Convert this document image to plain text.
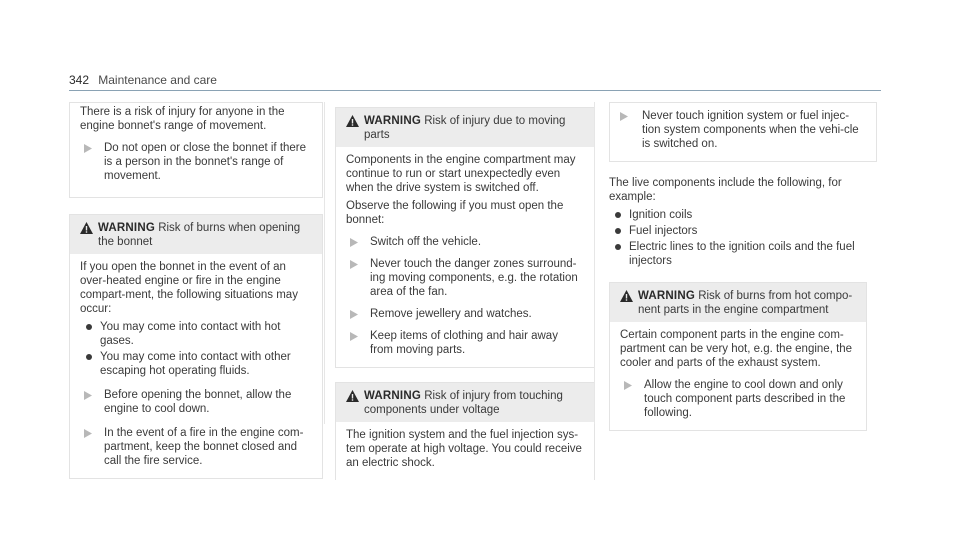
342 Maintenance and care

There is a risk of injury for anyone in the engine bonnet's range of movement.

Do not open or close the bonnet if there is a person in the bonnet's range of movement.
WARNING Risk of burns when opening the bonnet

If you open the bonnet in the event of an over-heated engine or fire in the engine compart-ment, the following situations may occur:

You may come into contact with hot gases.
You may come into contact with other escaping hot operating fluids.
Before opening the bonnet, allow the engine to cool down.
In the event of a fire in the engine com-partment, keep the bonnet closed and call the fire service.
WARNING Risk of injury due to moving parts

Components in the engine compartment may continue to run or start unexpectedly even when the drive system is switched off.

Observe the following if you must open the bonnet:

Switch off the vehicle.
Never touch the danger zones surround-ing moving components, e.g. the rotation area of the fan.
Remove jewellery and watches.
Keep items of clothing and hair away from moving parts.
WARNING Risk of injury from touching components under voltage

The ignition system and the fuel injection sys-tem operate at high voltage. You could receive an electric shock.

Never touch ignition system or fuel injec-tion system components when the vehi-cle is switched on.

The live components include the following, for example:

Ignition coils
Fuel injectors
Electric lines to the ignition coils and the fuel injectors
WARNING Risk of burns from hot compo-nent parts in the engine compartment

Certain component parts in the engine com-partment can be very hot, e.g. the engine, the cooler and parts of the exhaust system.

Allow the engine to cool down and only touch component parts described in the following.
